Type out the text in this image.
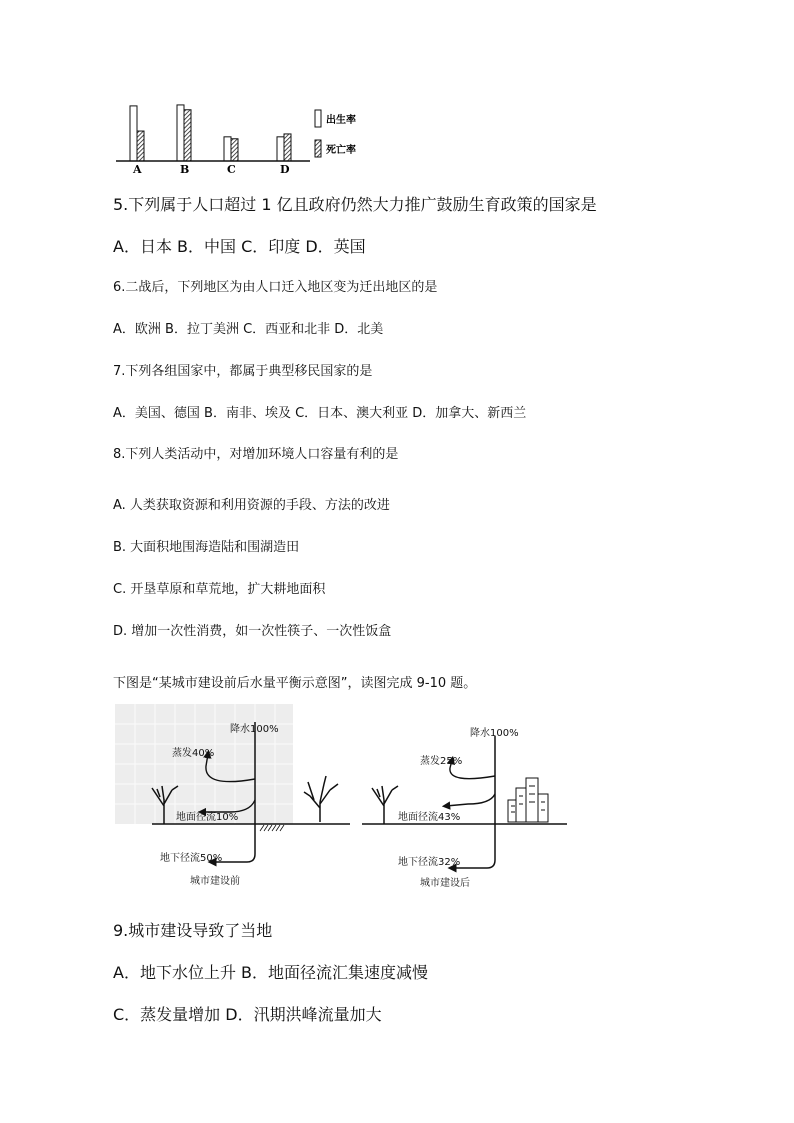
A	B	C	D
出生率
死亡率
5.下列属于人口超过 1 亿且政府仍然大力推广鼓励生育政策的国家是
A．日本 B．中国 C．印度 D．英国
6.二战后，下列地区为由人口迁入地区变为迁出地区的是
A．欧洲 B．拉丁美洲 C．西亚和北非 D．北美
7.下列各组国家中，都属于典型移民国家的是
A．美国、德国 B．南非、埃及 C．日本、澳大利亚 D．加拿大、新西兰
8.下列人类活动中，对增加环境人口容量有利的是
A. 人类获取资源和利用资源的手段、方法的改进
B. 大面积地围海造陆和围湖造田
C. 开垦草原和草荒地，扩大耕地面积
D. 增加一次性消费，如一次性筷子、一次性饭盒
下图是“某城市建设前后水量平衡示意图”，读图完成 9-10 题。
降水100%
蒸发40%
地面径流10%
地下径流50%
城市建设前
降水100%
蒸发25%
地面径流43%
地下径流32%
城市建设后
9.城市建设导致了当地
A．地下水位上升 B．地面径流汇集速度减慢
C．蒸发量增加 D．汛期洪峰流量加大
